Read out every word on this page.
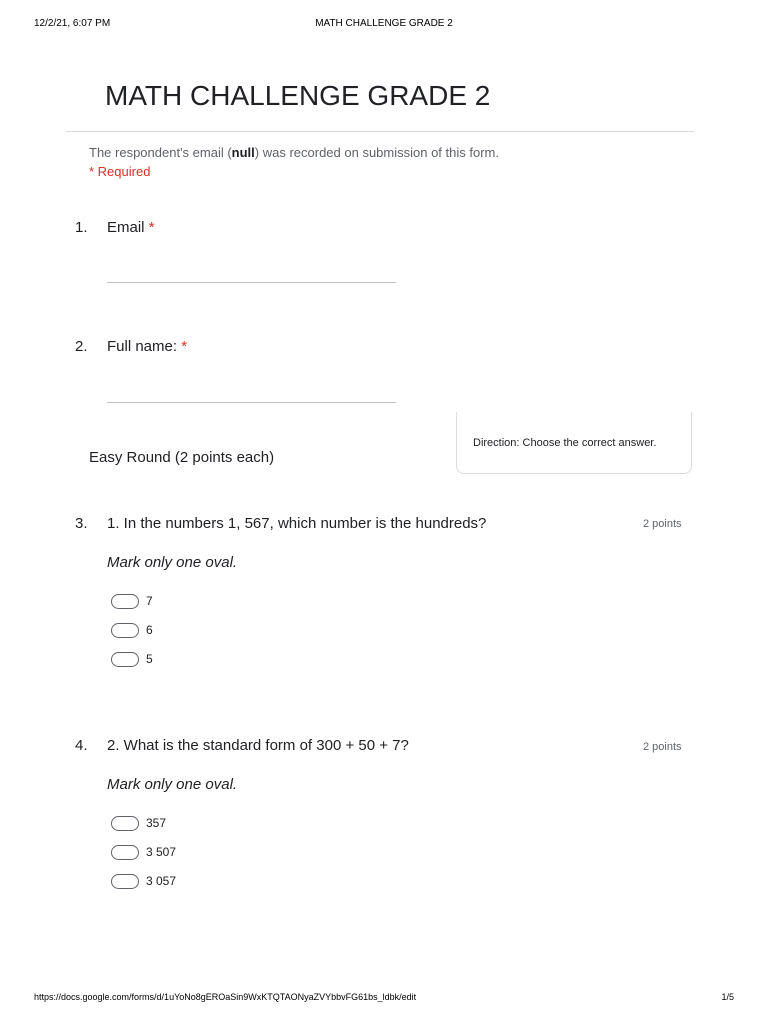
12/2/21, 6:07 PM	MATH CHALLENGE GRADE 2
MATH CHALLENGE GRADE 2
The respondent's email (null) was recorded on submission of this form.
* Required
1. Email *
2. Full name: *
Easy Round (2 points each)
Direction: Choose the correct answer.
3. 1. In the numbers 1, 567, which number is the hundreds?	2 points
Mark only one oval.
7
6
5
4. 2. What is the standard form of 300 + 50 + 7?	2 points
Mark only one oval.
357
3 507
3 057
https://docs.google.com/forms/d/1uYoNo8gEROaSin9WxKTQTAONyaZVYbbvFG61bs_ldbk/edit	1/5
